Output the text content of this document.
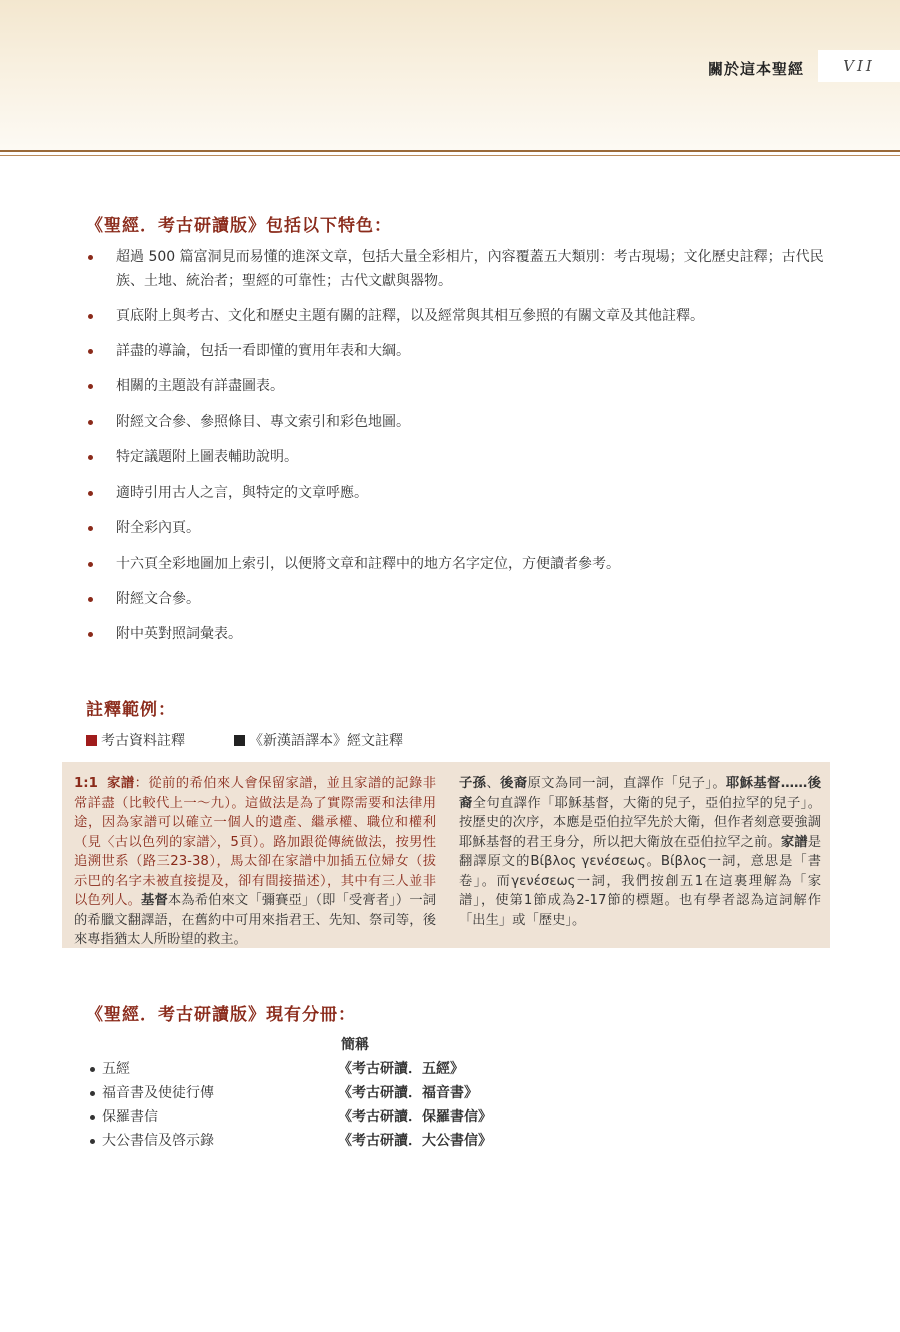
關於這本聖經	VII
《聖經．考古研讀版》包括以下特色：
超過 500 篇富洞見而易懂的進深文章，包括大量全彩相片，內容覆蓋五大類別：考古現場；文化歷史註釋；古代民族、土地、統治者；聖經的可靠性；古代文獻與器物。
頁底附上與考古、文化和歷史主題有關的註釋，以及經常與其相互參照的有關文章及其他註釋。
詳盡的導論，包括一看即懂的實用年表和大綱。
相關的主題設有詳盡圖表。
附經文合參、參照條目、專文索引和彩色地圖。
特定議題附上圖表輔助說明。
適時引用古人之言，與特定的文章呼應。
附全彩內頁。
十六頁全彩地圖加上索引，以便將文章和註釋中的地方名字定位，方便讀者參考。
附經文合參。
附中英對照詞彙表。
註釋範例：
考古資料註釋	《新漢語譯本》經文註釋
1:1 家譜：從前的希伯來人會保留家譜，並且家譜的記錄非常詳盡（比較代上一～九）。這做法是為了實際需要和法律用途，因為家譜可以確立一個人的遺產、繼承權、職位和權利（見〈古以色列的家譜〉，5頁）。路加跟從傳統做法，按男性追溯世系（路三23-38），馬太卻在家譜中加插五位婦女（拔示巴的名字未被直接提及，卻有間接描述），其中有三人並非以色列人。基督本為希伯來文「彌賽亞」（即「受膏者」）一詞的希臘文翻譯語，在舊約中可用來指君王、先知、祭司等，後來專指猶太人所盼望的救主。
子孫、後裔原文為同一詞，直譯作「兒子」。耶穌基督……後裔全句直譯作「耶穌基督，大衛的兒子，亞伯拉罕的兒子」。按歷史的次序，本應是亞伯拉罕先於大衛，但作者刻意要強調耶穌基督的君王身分，所以把大衛放在亞伯拉罕之前。家譜是翻譯原文的Βίβλος γενέσεως。Βίβλος一詞，意思是「書卷」。而γενέσεως一詞，我們按創五1在這裏理解為「家譜」，使第1節成為2-17節的標題。也有學者認為這詞解作「出生」或「歷史」。
《聖經．考古研讀版》現有分冊：
簡稱
五經	《考古研讀．五經》
福音書及使徒行傳	《考古研讀．福音書》
保羅書信	《考古研讀．保羅書信》
大公書信及啓示錄	《考古研讀．大公書信》
